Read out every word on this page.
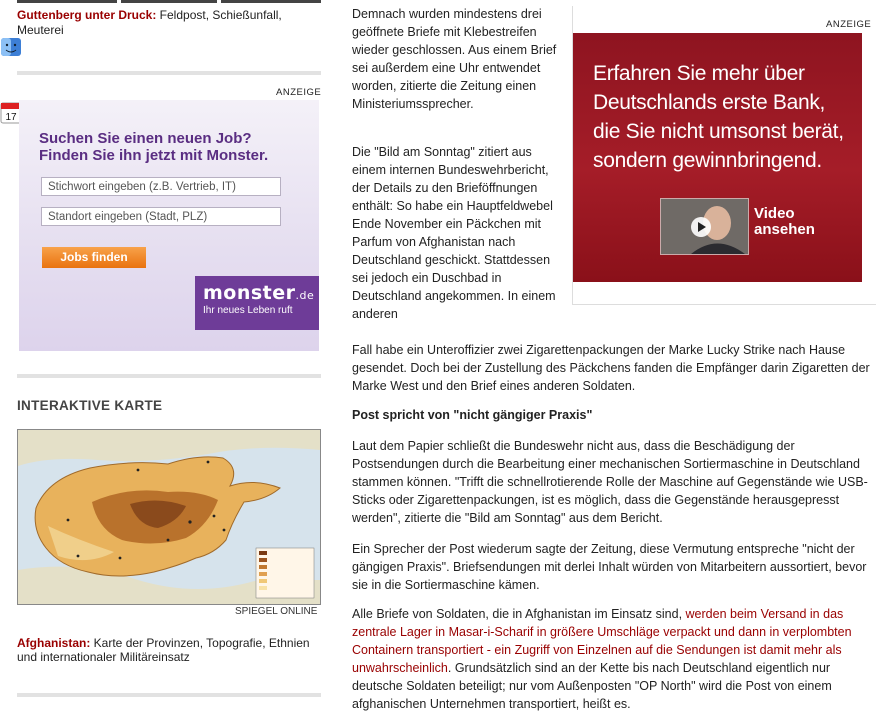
Guttenberg unter Druck: Feldpost, Schießunfall, Meuterei
17
ANZEIGE
Suchen Sie einen neuen Job?
Finden Sie ihn jetzt mit Monster.
Stichwort eingeben (z.B. Vertrieb, IT)
Standort eingeben (Stadt, PLZ)
Jobs finden
monster.de
Ihr neues Leben ruft
INTERAKTIVE KARTE
SPIEGEL ONLINE
Afghanistan: Karte der Provinzen, Topografie, Ethnien und internationaler Militäreinsatz
ANZEIGE
Erfahren Sie mehr über
Deutschlands erste Bank,
die Sie nicht umsonst berät,
sondern gewinnbringend.
Video
ansehen

Demnach wurden mindestens drei geöffnete Briefe mit Klebestreifen wieder geschlossen. Aus einem Brief sei außerdem eine Uhr entwendet worden, zitierte die Zeitung einen Ministeriumssprecher.

Die "Bild am Sonntag" zitiert aus einem internen Bundeswehrbericht, der Details zu den Brieföffnungen enthält: So habe ein Hauptfeldwebel Ende November ein Päckchen mit Parfum von Afghanistan nach Deutschland geschickt. Stattdessen sei jedoch ein Duschbad in Deutschland angekommen. In einem anderen

Fall habe ein Unteroffizier zwei Zigarettenpackungen der Marke Lucky Strike nach Hause gesendet. Doch bei der Zustellung des Päckchens fanden die Empfänger darin Zigaretten der Marke West und den Brief eines anderen Soldaten.

Post spricht von "nicht gängiger Praxis"

Laut dem Papier schließt die Bundeswehr nicht aus, dass die Beschädigung der Postsendungen durch die Bearbeitung einer mechanischen Sortiermaschine in Deutschland stammen können. "Trifft die schnellrotierende Rolle der Maschine auf Gegenstände wie USB-Sticks oder Zigarettenpackungen, ist es möglich, dass die Gegenstände herausgepresst werden", zitierte die "Bild am Sonntag" aus dem Bericht.

Ein Sprecher der Post wiederum sagte der Zeitung, diese Vermutung entspreche "nicht der gängigen Praxis". Briefsendungen mit derlei Inhalt würden von Mitarbeitern aussortiert, bevor sie in die Sortiermaschine kämen.

Alle Briefe von Soldaten, die in Afghanistan im Einsatz sind, werden beim Versand in das zentrale Lager in Masar-i-Scharif in größere Umschläge verpackt und dann in verplombten Containern transportiert - ein Zugriff von Einzelnen auf die Sendungen ist damit mehr als unwahrscheinlich. Grundsätzlich sind an der Kette bis nach Deutschland eigentlich nur deutsche Soldaten beteiligt; nur vom Außenposten "OP North" wird die Post von einem afghanischen Unternehmen transportiert, heißt es.
